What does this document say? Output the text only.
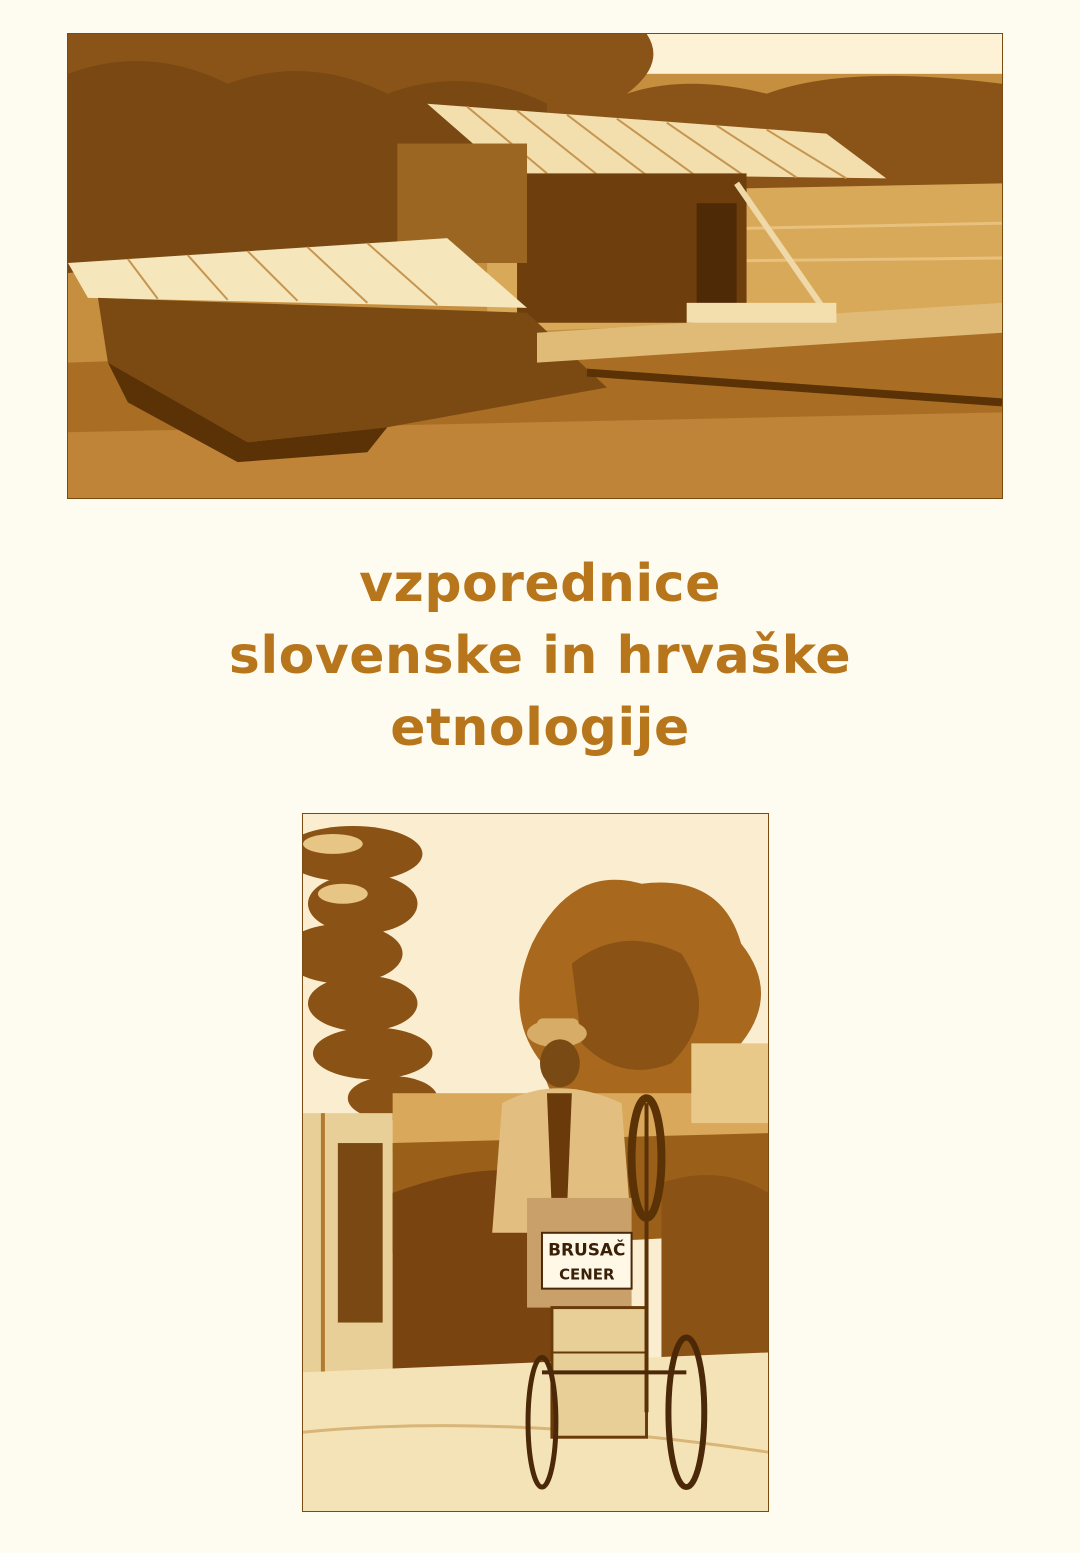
vzporednice
slovenske in hrvaške
etnologije
BRUSAČ
CENER
